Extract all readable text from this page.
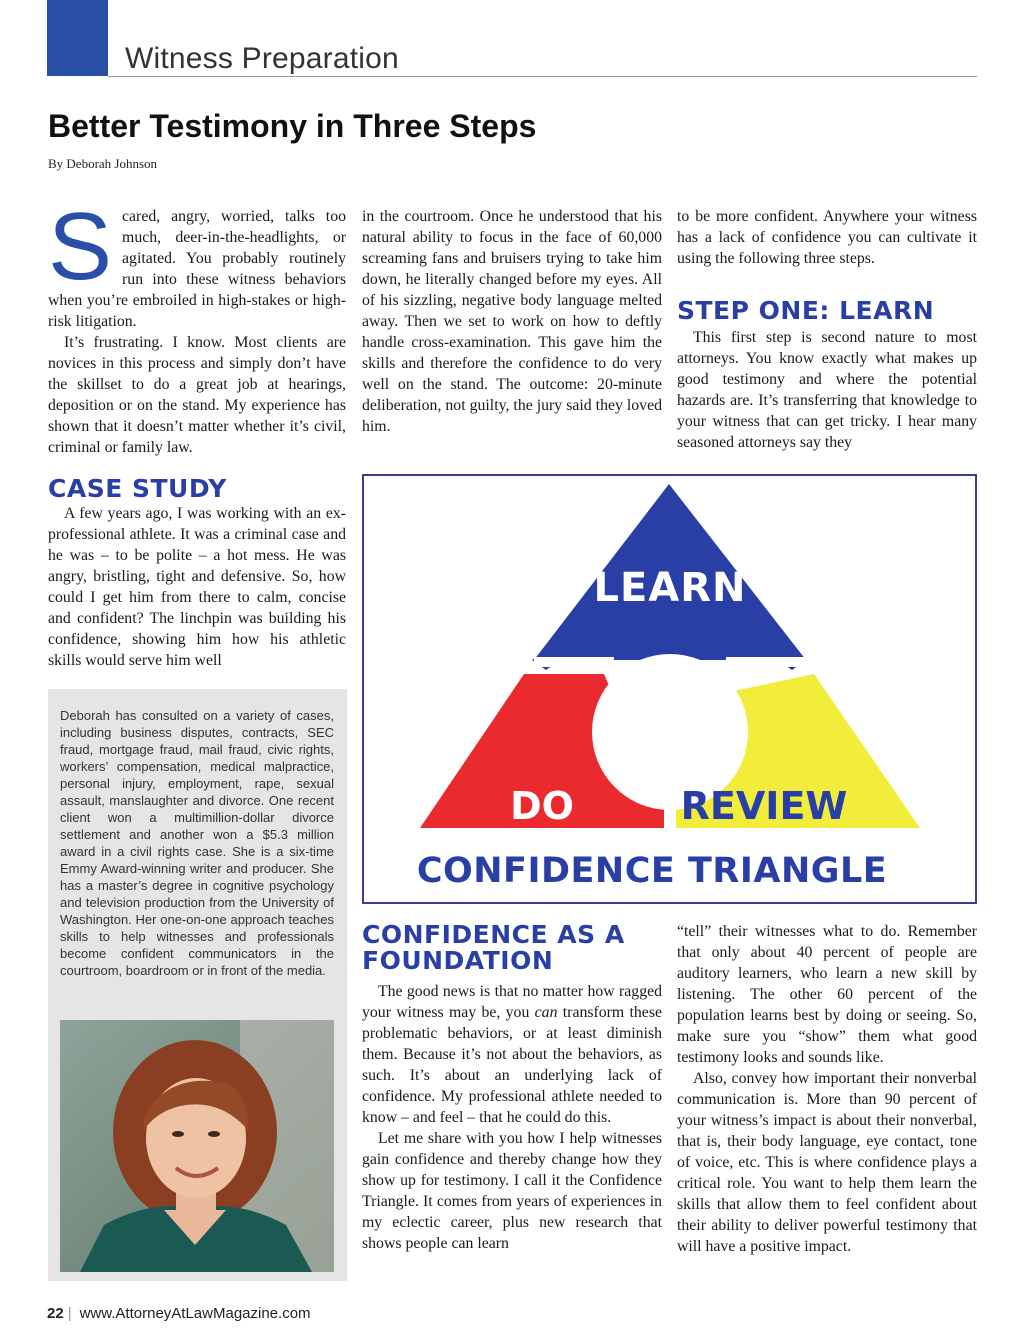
Witness Preparation
Better Testimony in Three Steps
By Deborah Johnson

Scared, angry, worried, talks too much, deer-in-the-headlights, or agitated. You probably routinely run into these witness behaviors when you’re embroiled in high-stakes or high-risk litigation.

It’s frustrating. I know. Most clients are novices in this process and simply don’t have the skillset to do a great job at hearings, deposition or on the stand. My experience has shown that it doesn’t matter whether it’s civil, criminal or family law.

CASE STUDY

A few years ago, I was working with an ex-professional athlete. It was a criminal case and he was – to be polite – a hot mess. He was angry, bristling, tight and defensive. So, how could I get him from there to calm, concise and confident? The linchpin was building his confidence, showing him how his athletic skills would serve him well

in the courtroom. Once he understood that his natural ability to focus in the face of 60,000 screaming fans and bruisers trying to take him down, he literally changed before my eyes. All of his sizzling, negative body language melted away. Then we set to work on how to deftly handle cross-examination. This gave him the skills and therefore the confidence to do very well on the stand. The outcome: 20-minute deliberation, not guilty, the jury said they loved him.

to be more confident. Anywhere your witness has a lack of confidence you can cultivate it using the following three steps.

STEP ONE: LEARN

This first step is second nature to most attorneys. You know exactly what makes up good testimony and where the potential hazards are. It’s transferring that knowledge to your witness that can get tricky. I hear many seasoned attorneys say they

LEARN
DO	REVIEW
CONFIDENCE TRIANGLE
Deborah has consulted on a variety of cases, including business disputes, contracts, SEC fraud, mortgage fraud, mail fraud, civic rights, workers’ compensation, medical malpractice, personal injury, employment, rape, sexual assault, manslaughter and divorce. One recent client won a multimillion-dollar divorce settlement and another won a $5.3 million award in a civil rights case. She is a six-time Emmy Award-winning writer and producer. She has a master’s degree in cognitive psychology and television production from the University of Washington. Her one-on-one approach teaches skills to help witnesses and professionals become confident communicators in the courtroom, boardroom or in front of the media.
CONFIDENCE AS A FOUNDATION

The good news is that no matter how ragged your witness may be, you can transform these problematic behaviors, or at least diminish them. Because it’s not about the behaviors, as such. It’s about an underlying lack of confidence. My professional athlete needed to know – and feel – that he could do this.

Let me share with you how I help witnesses gain confidence and thereby change how they show up for testimony. I call it the Confidence Triangle. It comes from years of experiences in my eclectic career, plus new research that shows people can learn

“tell” their witnesses what to do. Remember that only about 40 percent of people are auditory learners, who learn a new skill by listening. The other 60 percent of the population learns best by doing or seeing. So, make sure you “show” them what good testimony looks and sounds like.

Also, convey how important their nonverbal communication is. More than 90 percent of your witness’s impact is about their nonverbal, that is, their body language, eye contact, tone of voice, etc. This is where confidence plays a critical role. You want to help them learn the skills that allow them to feel confident about their ability to deliver powerful testimony that will have a positive impact.

22 | www.AttorneyAtLawMagazine.com
